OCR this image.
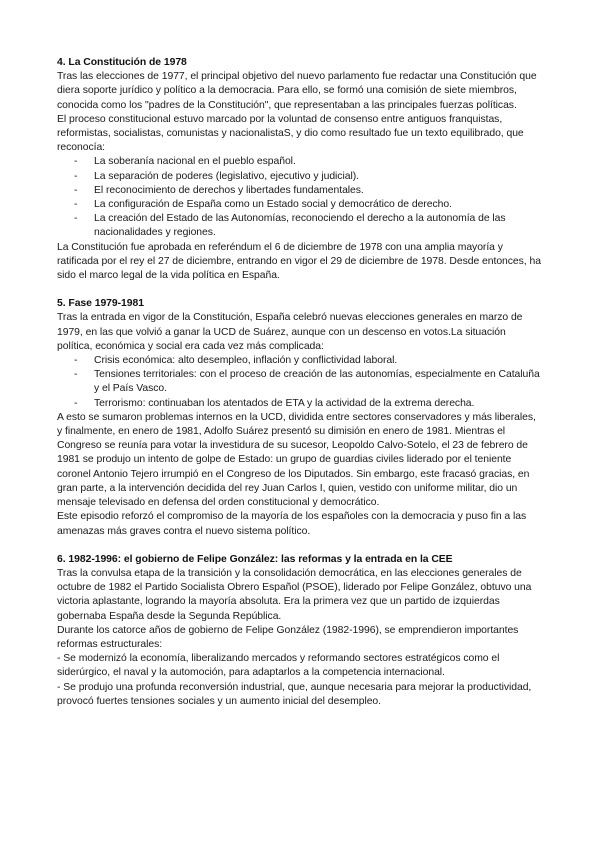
4. La Constitución de 1978

Tras las elecciones de 1977, el principal objetivo del nuevo parlamento fue redactar una Constitución que diera soporte jurídico y político a la democracia. Para ello, se formó una comisión de siete miembros, conocida como los "padres de la Constitución", que representaban a las principales fuerzas políticas.

El proceso constitucional estuvo marcado por la voluntad de consenso entre antiguos franquistas, reformistas, socialistas, comunistas y nacionalistaS, y dio como resultado fue un texto equilibrado, que reconocía:

- La soberanía nacional en el pueblo español.
- La separación de poderes (legislativo, ejecutivo y judicial).
- El reconocimiento de derechos y libertades fundamentales.
- La configuración de España como un Estado social y democrático de derecho.
- La creación del Estado de las Autonomías, reconociendo el derecho a la autonomía de las nacionalidades y regiones.

La Constitución fue aprobada en referéndum el 6 de diciembre de 1978 con una amplia mayoría y ratificada por el rey el 27 de diciembre, entrando en vigor el 29 de diciembre de 1978. Desde entonces, ha sido el marco legal de la vida política en España.

5. Fase 1979-1981

Tras la entrada en vigor de la Constitución, España celebró nuevas elecciones generales en marzo de 1979, en las que volvió a ganar la UCD de Suárez, aunque con un descenso en votos.La situación política, económica y social era cada vez más complicada:

- Crisis económica: alto desempleo, inflación y conflictividad laboral.
- Tensiones territoriales: con el proceso de creación de las autonomías, especialmente en Cataluña y el País Vasco.
- Terrorismo: continuaban los atentados de ETA y la actividad de la extrema derecha.

A esto se sumaron problemas internos en la UCD, dividida entre sectores conservadores y más liberales, y finalmente, en enero de 1981, Adolfo Suárez presentó su dimisión en enero de 1981. Mientras el Congreso se reunía para votar la investidura de su sucesor, Leopoldo Calvo-Sotelo, el 23 de febrero de 1981 se produjo un intento de golpe de Estado: un grupo de guardias civiles liderado por el teniente coronel Antonio Tejero irrumpió en el Congreso de los Diputados. Sin embargo, este fracasó gracias, en gran parte, a la intervención decidida del rey Juan Carlos I, quien, vestido con uniforme militar, dio un mensaje televisado en defensa del orden constitucional y democrático.

Este episodio reforzó el compromiso de la mayoría de los españoles con la democracia y puso fin a las amenazas más graves contra el nuevo sistema político.

6. 1982-1996: el gobierno de Felipe González: las reformas y la entrada en la CEE

Tras la convulsa etapa de la transición y la consolidación democrática, en las elecciones generales de octubre de 1982 el Partido Socialista Obrero Español (PSOE), liderado por Felipe González, obtuvo una victoria aplastante, logrando la mayoría absoluta. Era la primera vez que un partido de izquierdas gobernaba España desde la Segunda República.

Durante los catorce años de gobierno de Felipe González (1982-1996), se emprendieron importantes reformas estructurales:

- Se modernizó la economía, liberalizando mercados y reformando sectores estratégicos como el siderúrgico, el naval y la automoción, para adaptarlos a la competencia internacional.

- Se produjo una profunda reconversión industrial, que, aunque necesaria para mejorar la productividad, provocó fuertes tensiones sociales y un aumento inicial del desempleo.
